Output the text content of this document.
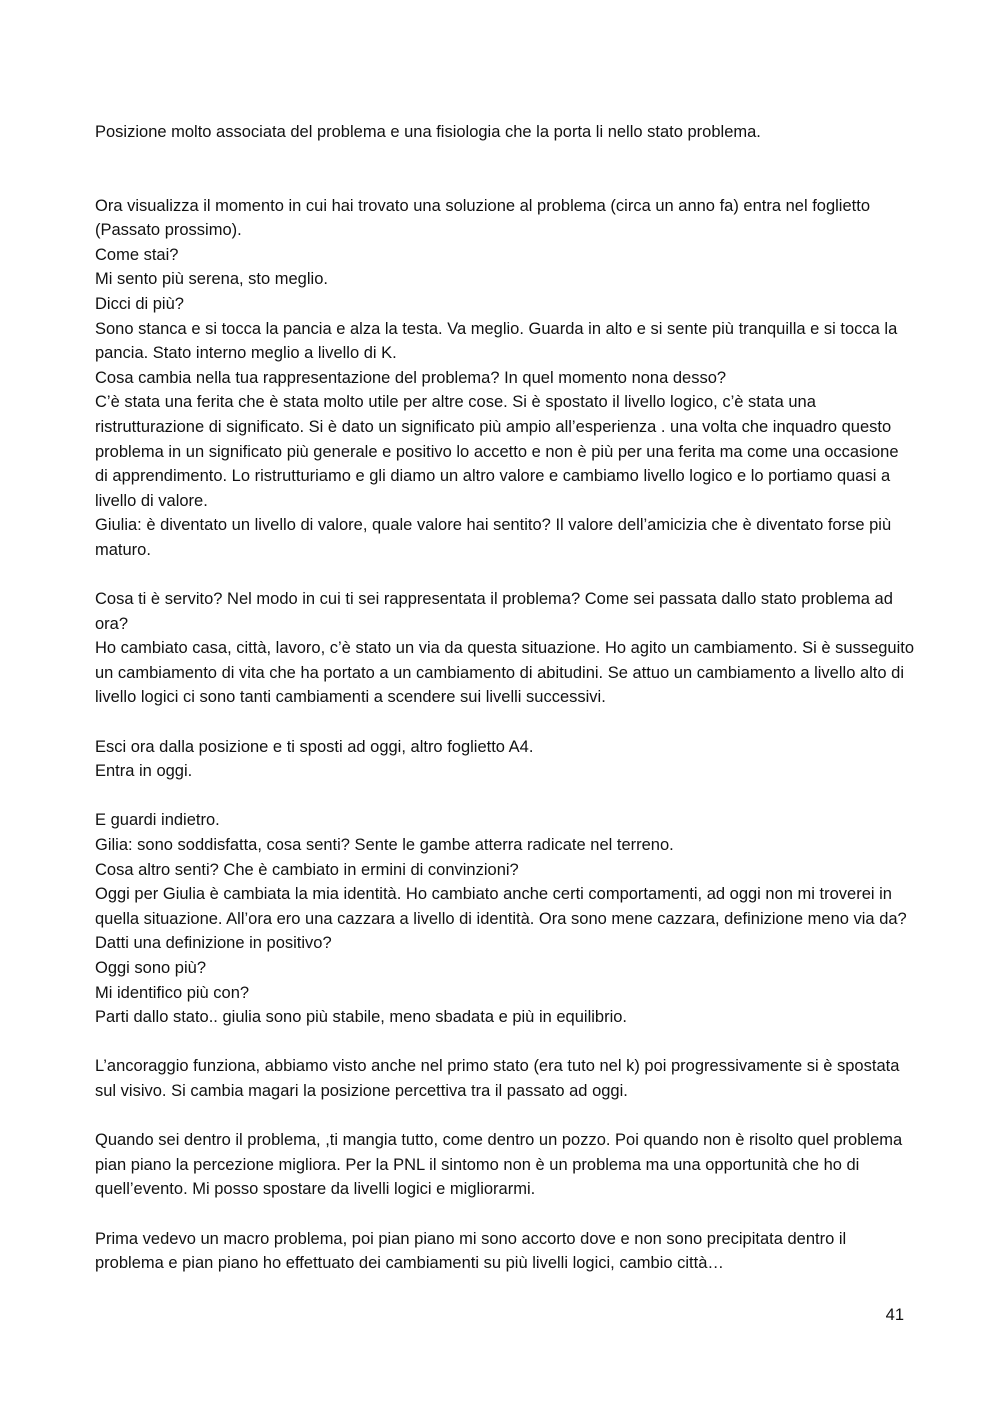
Posizione molto associata del problema e una fisiologia che la porta li nello stato problema.
Ora visualizza il momento in cui hai trovato una soluzione al problema (circa un anno fa) entra nel foglietto (Passato prossimo).
Come stai?
Mi sento più serena, sto meglio.
Dicci di più?
Sono stanca e si tocca la pancia e alza la testa. Va meglio. Guarda in alto e si sente più tranquilla e si tocca la pancia. Stato interno meglio a livello di K.
Cosa cambia nella tua rappresentazione del problema? In quel momento nona desso?
C’è stata una ferita che è stata molto utile per altre cose. Si è spostato il livello logico, c’è stata una ristrutturazione di significato. Si è dato un significato più ampio all’esperienza . una volta che inquadro questo problema in un significato più generale e positivo lo accetto e non è più per una ferita ma come una occasione di apprendimento. Lo ristrutturiamo e gli diamo un altro valore e cambiamo livello logico e lo portiamo quasi a livello di valore.
Giulia: è diventato un livello di valore, quale valore hai sentito? Il valore dell’amicizia che è diventato forse più maturo.
Cosa ti è servito? Nel modo in cui ti sei rappresentata il problema? Come sei passata dallo stato problema ad ora?
Ho cambiato casa, città, lavoro, c’è stato un via da questa situazione. Ho agito un cambiamento. Si è susseguito un cambiamento di vita che ha portato a un cambiamento di abitudini. Se attuo un cambiamento a livello alto di livello logici ci sono tanti cambiamenti a scendere sui livelli successivi.
Esci ora dalla posizione e ti sposti ad oggi, altro foglietto A4.
Entra in oggi.
E guardi indietro.
Gilia: sono soddisfatta, cosa senti? Sente le gambe atterra radicate nel terreno.
Cosa altro senti? Che è cambiato in ermini di convinzioni?
Oggi per Giulia è cambiata la mia identità. Ho cambiato anche certi comportamenti, ad oggi non mi troverei in quella situazione. All’ora ero una cazzara a livello di identità. Ora sono mene cazzara, definizione meno via da? Datti una definizione in positivo?
Oggi sono più?
Mi identifico più con?
Parti dallo stato.. giulia sono più stabile, meno sbadata e più in equilibrio.
L’ancoraggio funziona, abbiamo visto anche nel primo stato (era tuto nel k) poi progressivamente si è spostata sul visivo. Si cambia magari la posizione percettiva tra il passato ad oggi.
Quando sei dentro il problema, ,ti mangia tutto, come dentro un pozzo. Poi quando non è risolto quel problema pian piano la percezione migliora. Per la PNL il sintomo non è un problema ma una opportunità che ho di quell’evento. Mi posso spostare da livelli logici e migliorarmi.
Prima vedevo un macro problema, poi pian piano mi sono accorto dove e non sono precipitata dentro il problema e pian piano ho effettuato dei cambiamenti su più livelli logici, cambio città…
41
